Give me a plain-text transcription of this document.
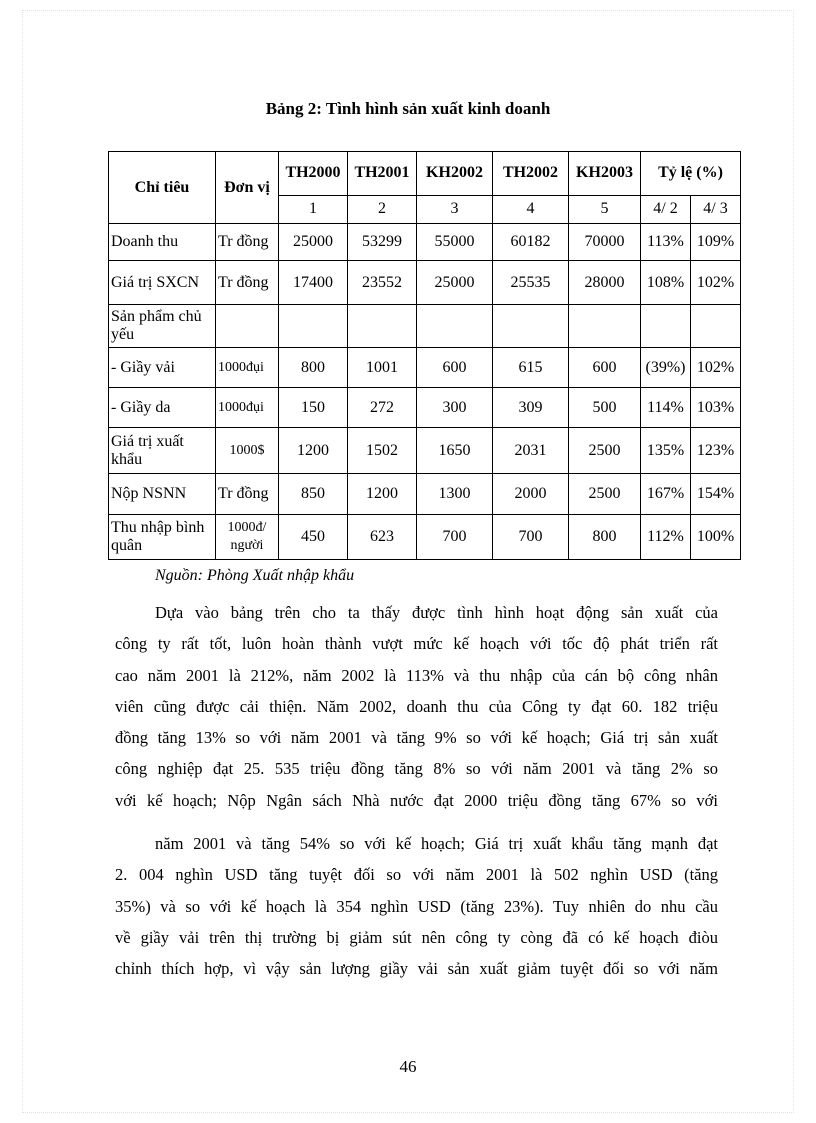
Bảng 2: Tình hình sản xuất kinh doanh
Chỉ tiêu	Đơn vị	TH2000	TH2001	KH2002	TH2002	KH2003	Tỷ lệ (%)	
		1	2	3	4	5	4/ 2	4/ 3
Doanh thu	Tr đồng	25000	53299	55000	60182	70000	113%	109%
Giá trị SXCN	Tr đồng	17400	23552	25000	25535	28000	108%	102%
Sản phẩm chủ yếu								
- Giầy vải	1000đụi	800	1001	600	615	600	(39%)	102%
- Giầy da	1000đụi	150	272	300	309	500	114%	103%
Giá trị xuất khẩu	1000$	1200	1502	1650	2031	2500	135%	123%
Nộp NSNN	Tr đồng	850	1200	1300	2000	2500	167%	154%
Thu nhập bình quân	1000đ/ người	450	623	700	700	800	112%	100%
Nguồn: Phòng Xuất nhập khẩu
Dựa vào bảng trên cho ta thấy được tình hình hoạt động sản xuất của
công ty rất tốt, luôn hoàn thành vượt mức kế hoạch với tốc độ phát triển rất
cao năm 2001 là 212%, năm 2002 là 113% và thu nhập của cán bộ công nhân
viên cũng được cải thiện. Năm 2002, doanh thu của Công ty đạt 60. 182 triệu
đồng tăng 13% so với năm 2001 và tăng 9% so với kế hoạch; Giá trị sản xuất
công nghiệp đạt 25. 535 triệu đồng tăng 8% so với năm 2001 và tăng 2% so
với kế hoạch; Nộp Ngân sách Nhà nước đạt 2000 triệu đồng tăng 67% so với
năm 2001 và tăng 54% so với kế hoạch; Giá trị xuất khẩu tăng mạnh đạt
2. 004 nghìn USD tăng tuyệt đối so với năm 2001 là 502 nghìn USD (tăng
35%) và so với kế hoạch là 354 nghìn USD (tăng 23%). Tuy nhiên do nhu cầu
về giầy vải trên thị trường bị giảm sút nên công ty còng đã có kế hoạch điòu
chỉnh thích hợp, vì vậy sản lượng giầy vải sản xuất giảm tuyệt đối so với năm
46
